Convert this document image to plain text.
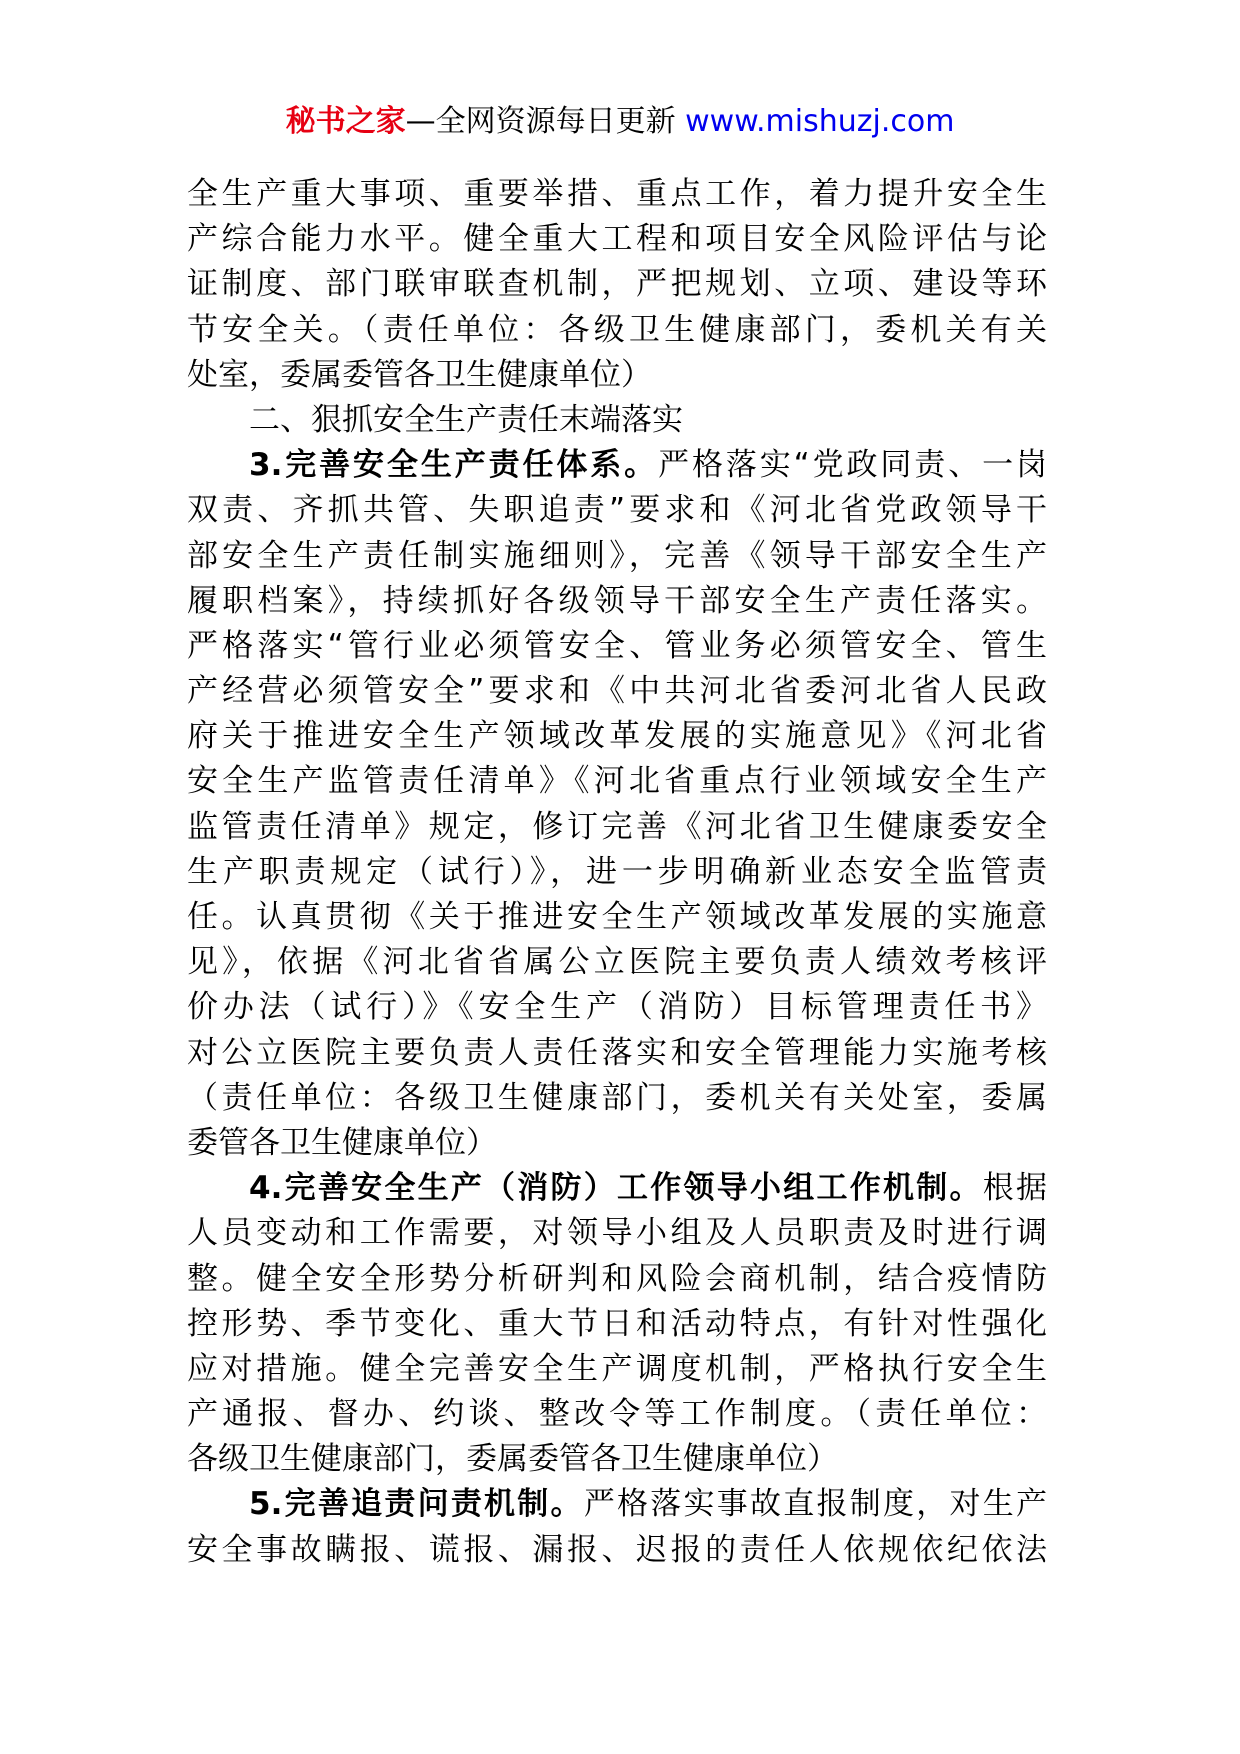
秘书之家—全网资源每日更新 www.mishuzj.com
全生产重大事项、重要举措、重点工作，着力提升安全生
产综合能力水平。健全重大工程和项目安全风险评估与论
证制度、部门联审联查机制，严把规划、立项、建设等环
节安全关。（责任单位：各级卫生健康部门，委机关有关
处室，委属委管各卫生健康单位）
二、狠抓安全生产责任末端落实
3.完善安全生产责任体系。严格落实“党政同责、一岗
双责、齐抓共管、失职追责”要求和《河北省党政领导干
部安全生产责任制实施细则》，完善《领导干部安全生产
履职档案》，持续抓好各级领导干部安全生产责任落实。
严格落实“管行业必须管安全、管业务必须管安全、管生
产经营必须管安全”要求和《中共河北省委河北省人民政
府关于推进安全生产领域改革发展的实施意见》《河北省
安全生产监管责任清单》《河北省重点行业领域安全生产
监管责任清单》规定，修订完善《河北省卫生健康委安全
生产职责规定（试行）》，进一步明确新业态安全监管责
任。认真贯彻《关于推进安全生产领域改革发展的实施意
见》，依据《河北省省属公立医院主要负责人绩效考核评
价办法（试行）》《安全生产（消防）目标管理责任书》
对公立医院主要负责人责任落实和安全管理能力实施考核
（责任单位：各级卫生健康部门，委机关有关处室，委属
委管各卫生健康单位）
4.完善安全生产（消防）工作领导小组工作机制。根据
人员变动和工作需要，对领导小组及人员职责及时进行调
整。健全安全形势分析研判和风险会商机制，结合疫情防
控形势、季节变化、重大节日和活动特点，有针对性强化
应对措施。健全完善安全生产调度机制，严格执行安全生
产通报、督办、约谈、整改令等工作制度。（责任单位：
各级卫生健康部门，委属委管各卫生健康单位）
5.完善追责问责机制。严格落实事故直报制度，对生产
安全事故瞒报、谎报、漏报、迟报的责任人依规依纪依法
